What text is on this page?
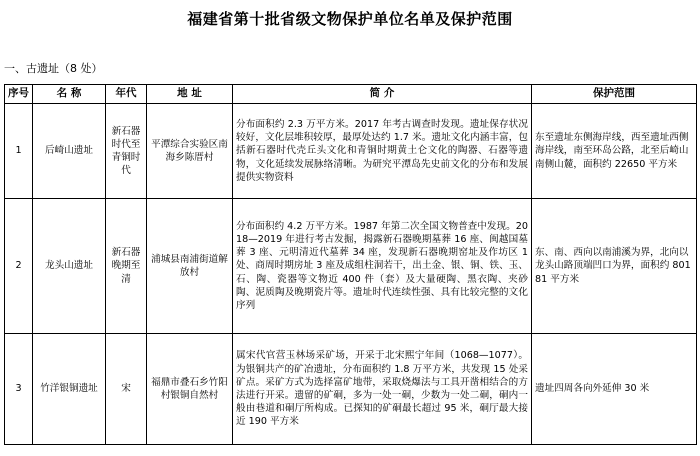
福建省第十批省级文物保护单位名单及保护范围
一、古遗址（8 处）
序号	名 称	年代	地 址	简 介	保护范围
1	后崎山遗址	新石器时代至青铜时代	平潭综合实验区南海乡陈厝村	分布面积约 2.3 万平方米。2017 年考古调查时发现。遗址保存状况较好，文化层堆积较厚，最厚处达约 1.7 米。遗址文化内涵丰富，包括新石器时代壳丘头文化和青铜时期黄土仑文化的陶器、石器等遗物，文化延续发展脉络清晰。为研究平潭岛先史前文化的分布和发展提供实物资料	东至遗址东侧海岸线，西至遗址西侧海岸线，南至环岛公路，北至后崎山南侧山麓，面积约 22650 平方米
2	龙头山遗址	新石器晚期至清	浦城县南浦街道解放村	分布面积约 4.2 万平方米。1987 年第二次全国文物普查中发现。2018—2019 年进行考古发掘，揭露新石器晚期墓葬 16 座、闽越国墓葬 3 座、元明清近代墓葬 34 座，发现新石器晚期窑址及作坊区 1 处、商周时期房址 3 座及成组柱洞若干，出土金、银、铜、铁、玉、石、陶、瓷器等文物近 400 件（套）及大量硬陶、黑衣陶、夹砂陶、泥质陶及晚期瓷片等。遗址时代连续性强、具有比较完整的文化序列	东、南、西向以南浦溪为界，北向以龙头山路顶端凹口为界，面积约 80181 平方米
3	竹洋银铜遗址	宋	福鼎市叠石乡竹阳村银铜自然村	属宋代官营玉林场采矿场，开采于北宋熙宁年间（1068—1077）。为银铜共产的矿冶遗址，分布面积约 1.8 万平方米，共发现 15 处采矿点。采矿方式为选择富矿地带，采取烧爆法与工具开凿相结合的方法进行开采。遗留的矿硐，多为一处一硐，少数为一处二硐，硐内一般由巷道和硐厅所构成。已探知的矿硐最长超过 95 米，硐厅最大接近 190 平方米	遗址四周各向外延伸 30 米
